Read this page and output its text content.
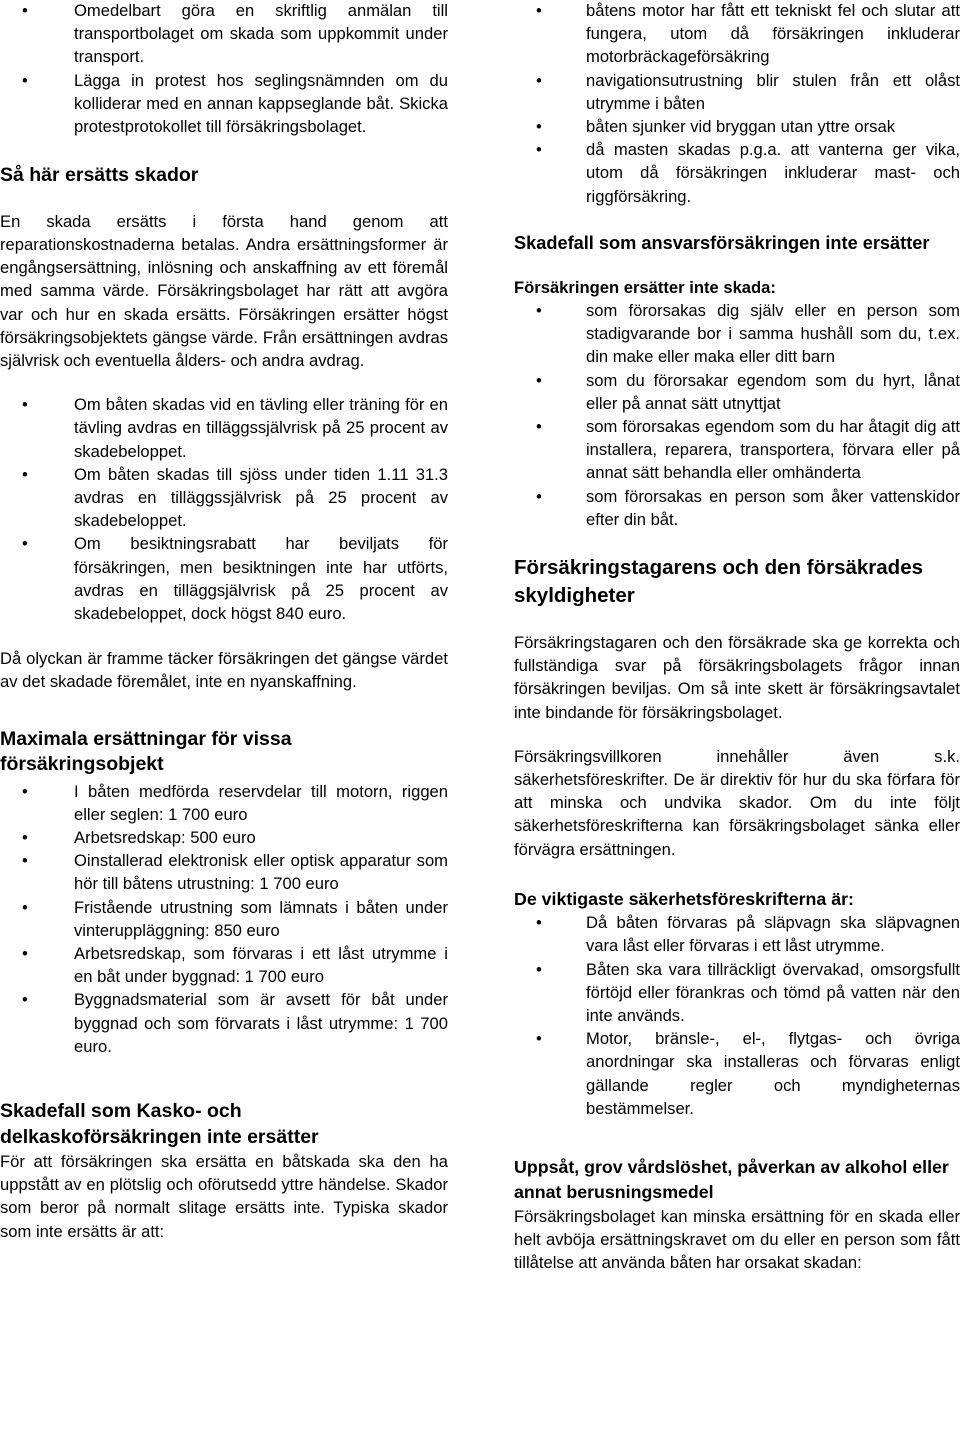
• Omedelbart göra en skriftlig anmälan till transportbolaget om skada som uppkommit under transport.
• Lägga in protest hos seglingsnämnden om du kolliderar med en annan kappseglande båt. Skicka protestprotokollet till försäkringsbolaget.
Så här ersätts skador

En skada ersätts i första hand genom att reparationskostnaderna betalas. Andra ersättningsformer är engångsersättning, inlösning och anskaffning av ett föremål med samma värde. Försäkringsbolaget har rätt att avgöra var och hur en skada ersätts. Försäkringen ersätter högst försäkringsobjektets gängse värde. Från ersättningen avdras självrisk och eventuella ålders- och andra avdrag.

• Om båten skadas vid en tävling eller träning för en tävling avdras en tilläggssjälvrisk på 25 procent av skadebeloppet.
• Om båten skadas till sjöss under tiden 1.11 31.3 avdras en tilläggssjälvrisk på 25 procent av skadebeloppet.
• Om besiktningsrabatt har beviljats för försäkringen, men besiktningen inte har utförts, avdras en tilläggsjälvrisk på 25 procent av skadebeloppet, dock högst 840 euro.

Då olyckan är framme täcker försäkringen det gängse värdet av det skadade föremålet, inte en nyanskaffning.

Maximala ersättningar för vissa försäkringsobjekt
• I båten medförda reservdelar till motorn, riggen eller seglen: 1 700 euro
• Arbetsredskap: 500 euro
• Oinstallerad elektronisk eller optisk apparatur som hör till båtens utrustning: 1 700 euro
• Fristående utrustning som lämnats i båten under vinteruppläggning: 850 euro
• Arbetsredskap, som förvaras i ett låst utrymme i en båt under byggnad: 1 700 euro
• Byggnadsmaterial som är avsett för båt under byggnad och som förvarats i låst utrymme: 1 700 euro.
Skadefall som Kasko- och delkaskoförsäkringen inte ersätter

För att försäkringen ska ersätta en båtskada ska den ha uppstått av en plötslig och oförutsedd yttre händelse. Skador som beror på normalt slitage ersätts inte. Typiska skador som inte ersätts är att:

• båtens motor har fått ett tekniskt fel och slutar att fungera, utom då försäkringen inkluderar motorbräckageförsäkring
• navigationsutrustning blir stulen från ett olåst utrymme i båten
• båten sjunker vid bryggan utan yttre orsak
• då masten skadas p.g.a. att vanterna ger vika, utom då försäkringen inkluderar mast- och riggförsäkring.
Skadefall som ansvarsförsäkringen inte ersätter
Försäkringen ersätter inte skada:
• som förorsakas dig själv eller en person som stadigvarande bor i samma hushåll som du, t.ex. din make eller maka eller ditt barn
• som du förorsakar egendom som du hyrt, lånat eller på annat sätt utnyttjat
• som förorsakas egendom som du har åtagit dig att installera, reparera, transportera, förvara eller på annat sätt behandla eller omhänderta
• som förorsakas en person som åker vattenskidor efter din båt.
Försäkringstagarens och den försäkrades skyldigheter

Försäkringstagaren och den försäkrade ska ge korrekta och fullständiga svar på försäkringsbolagets frågor innan försäkringen beviljas. Om så inte skett är försäkringsavtalet inte bindande för försäkringsbolaget.

Försäkringsvillkoren innehåller även s.k. säkerhetsföreskrifter. De är direktiv för hur du ska förfara för att minska och undvika skador. Om du inte följt säkerhetsföreskrifterna kan försäkringsbolaget sänka eller förvägra ersättningen.

De viktigaste säkerhetsföreskrifterna är:
• Då båten förvaras på släpvagn ska släpvagnen vara låst eller förvaras i ett låst utrymme.
• Båten ska vara tillräckligt övervakad, omsorgsfullt förtöjd eller förankras och tömd på vatten när den inte används.
• Motor, bränsle-, el-, flytgas- och övriga anordningar ska installeras och förvaras enligt gällande regler och myndigheternas bestämmelser.
Uppsåt, grov vårdslöshet, påverkan av alkohol eller annat berusningsmedel

Försäkringsbolaget kan minska ersättning för en skada eller helt avböja ersättningskravet om du eller en person som fått tillåtelse att använda båten har orsakat skadan:
